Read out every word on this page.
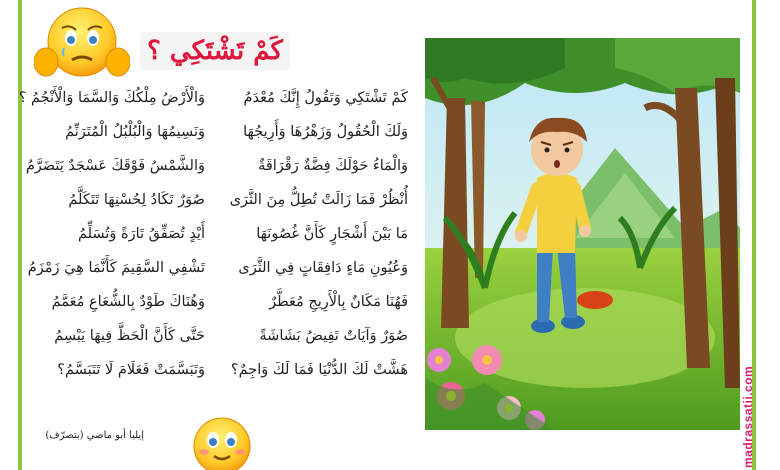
كَمْ تَشْتَكِي ؟
كَمْ تَشْتَكِي وَتَقُولُ إِنَّكَ مُعْدَمُ
وَالْأَرْضُ مِلْكُكَ وَالسَّمَا وَالْأَنْجُمُ ؟
وَلَكَ الْحُقُولُ وَزَهْرُهَا وَأَرِيجُهَا
وَنَسِيمُهَا وَالْبُلْبُلُ الْمُتَرَنِّمُ
وَالْمَاءُ حَوْلَكَ فِضَّةٌ رَقْرَاقَةٌ
وَالشَّمْسُ فَوْقَكَ عَسْجَدٌ يَتَضَرَّمُ
أُنْظُرْ فَمَا زَالَتْ تُطِلُّ مِنَ الثَّرَى
صُوَرٌ تَكَادُ لِحُسْنِهَا تَتَكَلَّمُ
مَا بَيْنَ أَشْجَارٍ كَأَنَّ غُصُونَهَا
أَيْدٍ تُصَفِّقُ تَارَةً وَتُسَلِّمُ
وَعُيُونِ مَاءٍ دَافِقَاتٍ فِي الثَّرَى
تَشْفِي السَّقِيمَ كَأَنَّمَا هِيَ زَمْزَمُ
فَهُنَا مَكَانٌ بِالْأَرِيجِ مُعَطَّرٌ
وَهُنَاكَ طَوْدٌ بِالشُّعَاعِ مُعَمَّمُ
صُوَرٌ وَآيَاتٌ تَفِيضُ بَشَاشَةً
حَتَّى كَأَنَّ الْحَظَّ فِيهَا يَبْسِمُ
هَشَّتْ لَكَ الدُّنْيَا فَمَا لَكَ وَاجِمٌ؟
وَتَبَسَّمَتْ فَعَلَامَ لَا تَتَبَسَّمُ؟
إيليا أبو ماضي (بتصرّف)	madrassatii.com
